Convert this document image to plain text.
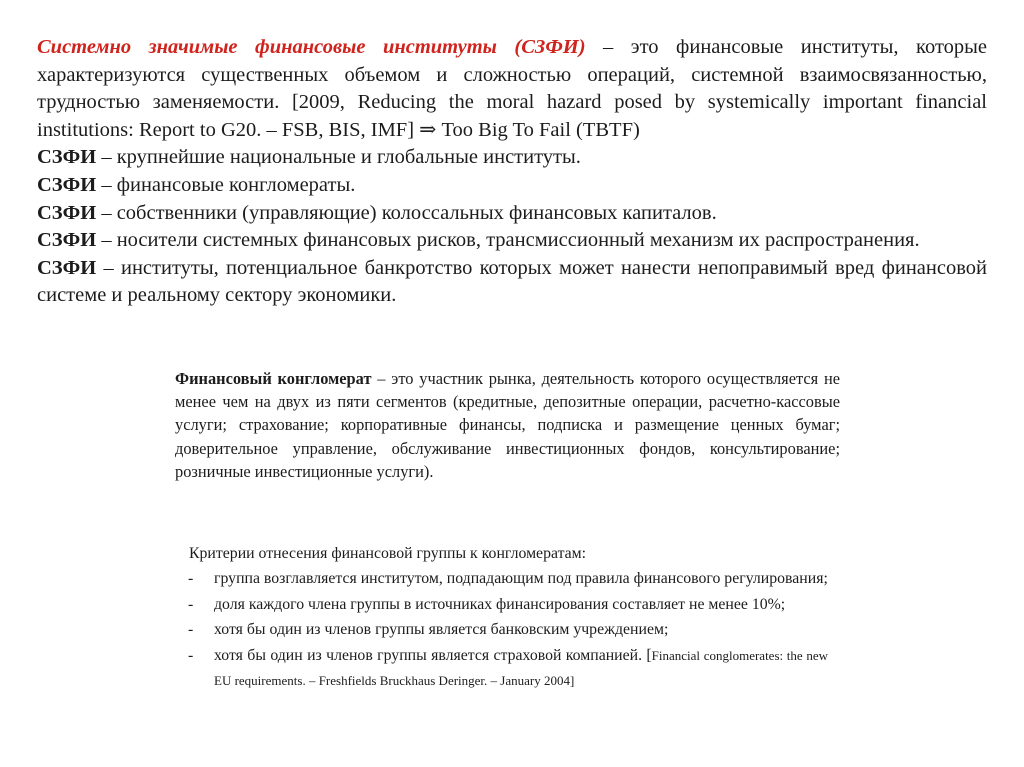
Системно значимые финансовые институты (СЗФИ) – это финансовые институты, которые характеризуются существенных объемом и сложностью операций, системной взаимосвязанностью, трудностью заменяемости. [2009, Reducing the moral hazard posed by systemically important financial institutions: Report to G20. – FSB, BIS, IMF] ⇒ Too Big To Fail (TBTF)

СЗФИ – крупнейшие национальные и глобальные институты.

СЗФИ – финансовые конгломераты.

СЗФИ – собственники (управляющие) колоссальных финансовых капиталов.

СЗФИ – носители системных финансовых рисков, трансмиссионный механизм их распространения.

СЗФИ – институты, потенциальное банкротство которых может нанести непоправимый вред финансовой системе и реальному сектору экономики.

Финансовый конгломерат – это участник рынка, деятельность которого осуществляется не менее чем на двух из пяти сегментов (кредитные, депозитные операции, расчетно-кассовые услуги; страхование; корпоративные финансы, подписка и размещение ценных бумаг; доверительное управление, обслуживание инвестиционных фондов, консультирование; розничные инвестиционные услуги).

Критерии отнесения финансовой группы к конгломератам:

- группа возглавляется институтом, подпадающим под правила финансового регулирования;
- доля каждого члена группы в источниках финансирования составляет не менее 10%;
- хотя бы один из членов группы является банковским учреждением;
- хотя бы один из членов группы является страховой компанией. [Financial conglomerates: the new EU requirements. – Freshfields Bruckhaus Deringer. – January 2004]
